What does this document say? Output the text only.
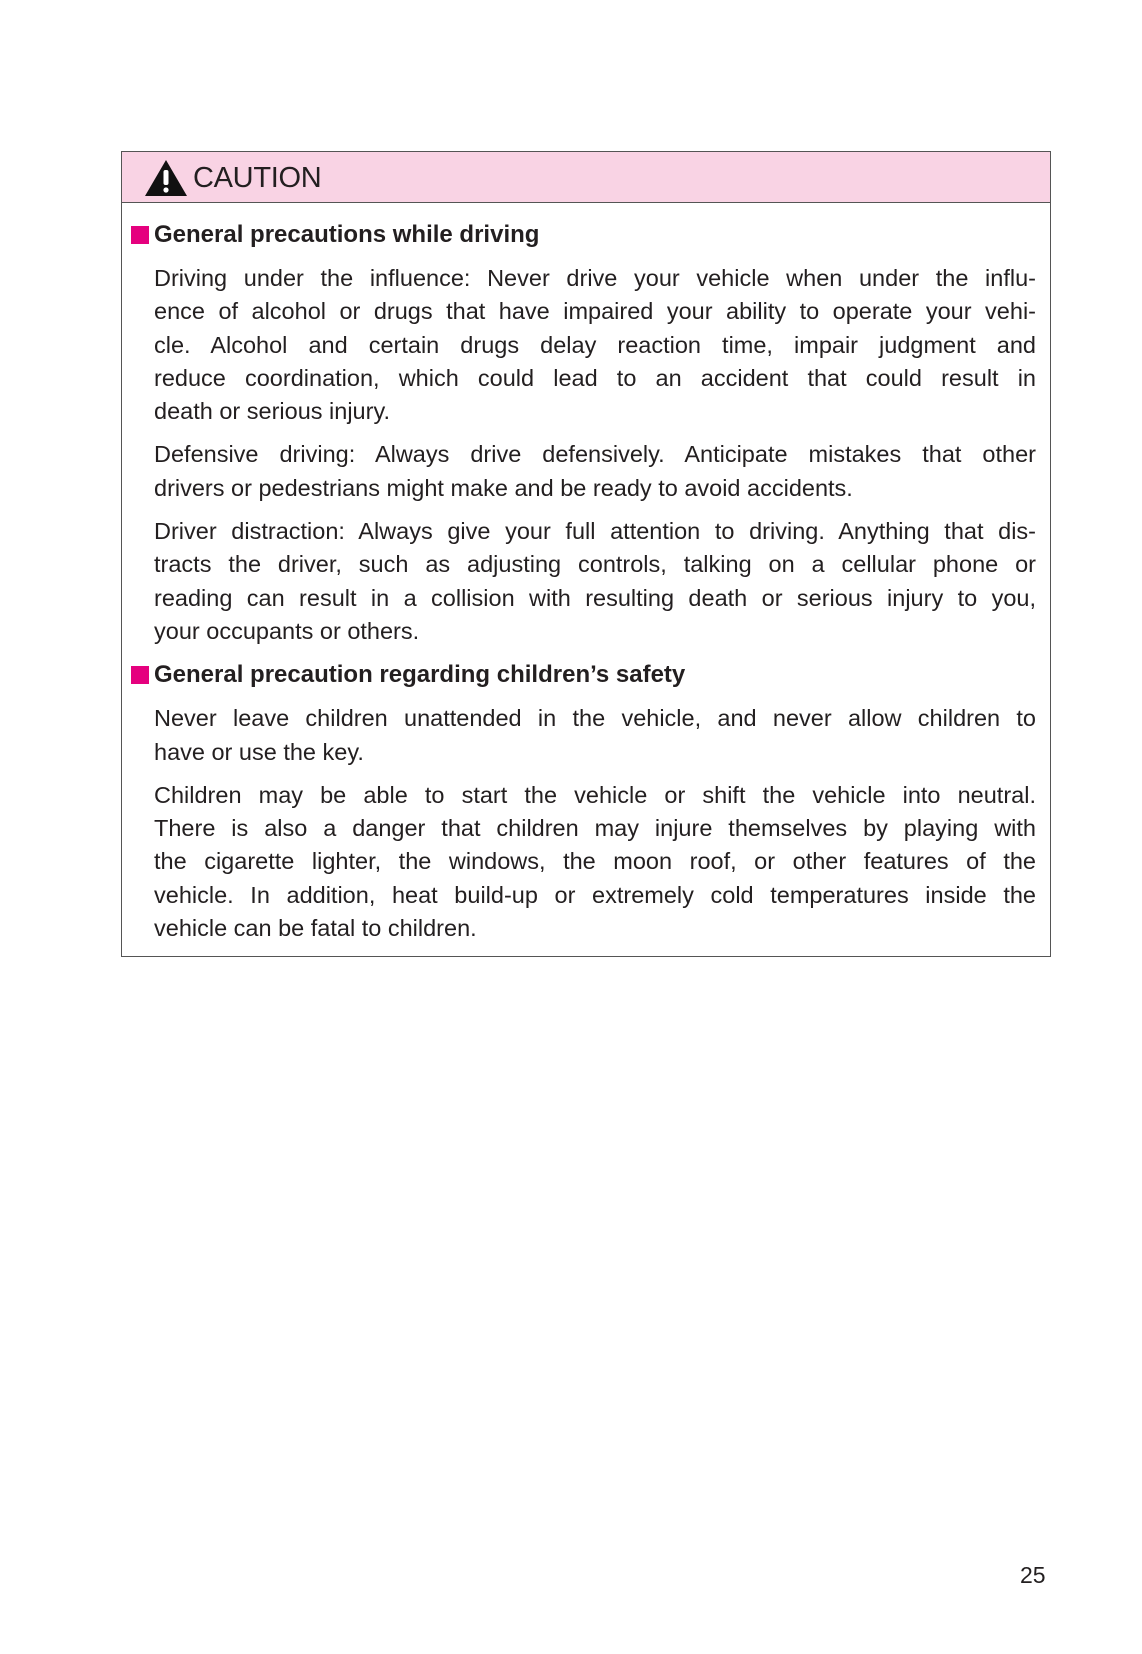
CAUTION
General precautions while driving
Driving under the influence: Never drive your vehicle when under the influ-
ence of alcohol or drugs that have impaired your ability to operate your vehi-
cle. Alcohol and certain drugs delay reaction time, impair judgment and
reduce coordination, which could lead to an accident that could result in
death or serious injury.
Defensive driving: Always drive defensively. Anticipate mistakes that other
drivers or pedestrians might make and be ready to avoid accidents.
Driver distraction: Always give your full attention to driving. Anything that dis-
tracts the driver, such as adjusting controls, talking on a cellular phone or
reading can result in a collision with resulting death or serious injury to you,
your occupants or others.
General precaution regarding children’s safety
Never leave children unattended in the vehicle, and never allow children to
have or use the key.
Children may be able to start the vehicle or shift the vehicle into neutral.
There is also a danger that children may injure themselves by playing with
the cigarette lighter, the windows, the moon roof, or other features of the
vehicle. In addition, heat build-up or extremely cold temperatures inside the
vehicle can be fatal to children.
25
